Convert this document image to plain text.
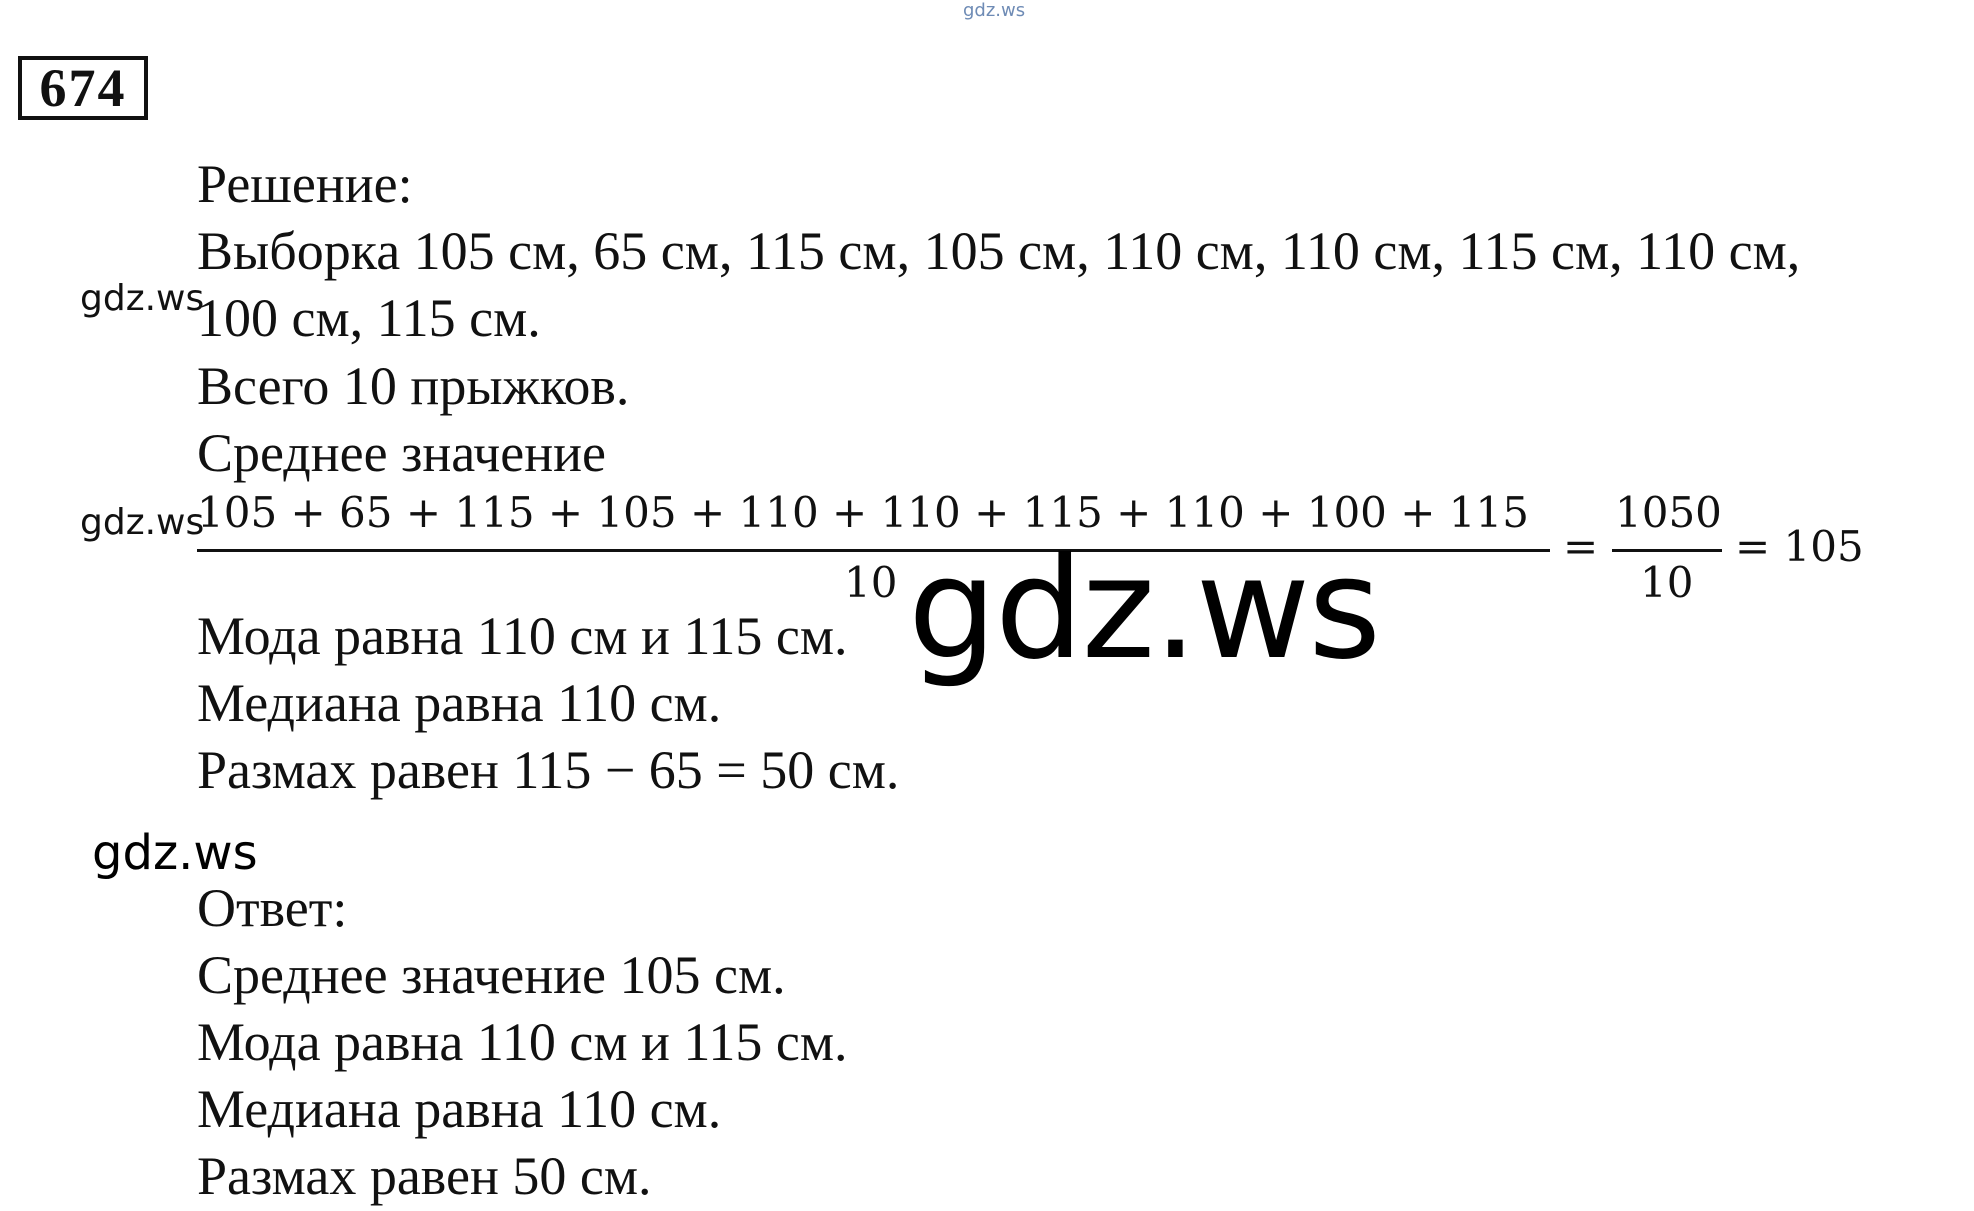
gdz.ws
674
Решение:
Выборка 105 см, 65 см, 115 см, 105 см, 110 см, 110 см, 115 см, 110 см,
gdz.ws
100 см, 115 см.
Всего 10 прыжков.
Среднее значение
gdz.ws
105 + 65 + 115 + 105 + 110 + 110 + 115 + 110 + 100 + 115
10
=
1050
10
= 105
Мода равна 110 см и 115 см.
Медиана равна 110 см.
Размах равен 115 − 65 = 50 см.
gdz.ws
gdz.ws
Ответ:
Среднее значение 105 см.
Мода равна 110 см и 115 см.
Медиана равна 110 см.
Размах равен 50 см.
